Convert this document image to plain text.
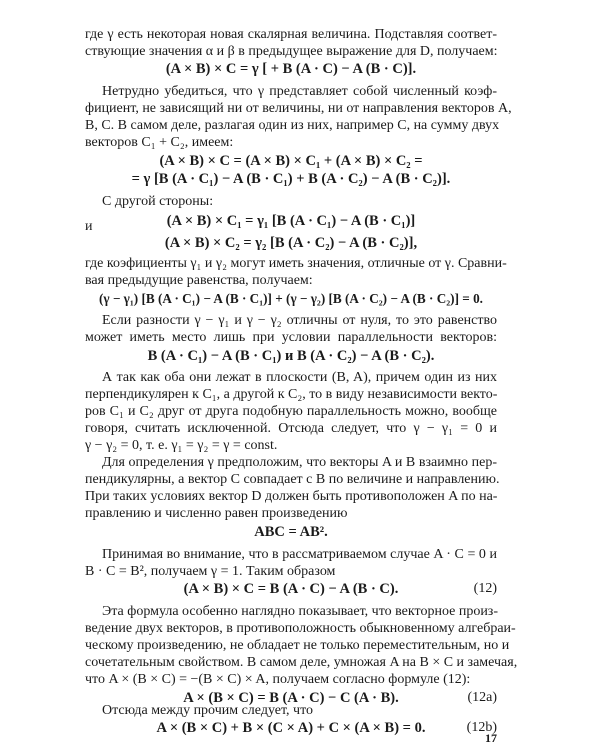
где γ есть некоторая новая скалярная величина. Подставляя соответ-
ствующие значения α и β в предыдущее выражение для D, получаем:
(A × B) × C = γ [ + B (A · C) − A (B · C)].
Нетрудно убедиться, что γ представляет собой численный коэф-
фициент, не зависящий ни от величины, ни от направления векторов A,
B, C. В самом деле, разлагая один из них, например C, на сумму двух
векторов C₁ + C₂, имеем:
(A × B) × C = (A × B) × C₁ + (A × B) × C₂ =
= γ [B (A · C₁) − A (B · C₁) + B (A · C₂) − A (B · C₂)].
С другой стороны:
(A × B) × C₁ = γ₁ [B (A · C₁) − A (B · C₁)]
и
(A × B) × C₂ = γ₂ [B (A · C₂) − A (B · C₂)],
где коэфициенты γ₁ и γ₂ могут иметь значения, отличные от γ. Сравни-
вая предыдущие равенства, получаем:
(γ − γ₁) [B (A · C₁) − A (B · C₁)] + (γ − γ₂) [B (A · C₂) − A (B · C₂)] = 0.
Если разности γ − γ₁ и γ − γ₂ отличны от нуля, то это равенство
может иметь место лишь при условии параллельности векторов:
B (A · C₁) − A (B · C₁) и B (A · C₂) − A (B · C₂).
А так как оба они лежат в плоскости (B, A), причем один из них
перпендикулярен к C₁, а другой к C₂, то в виду независимости векто-
ров C₁ и C₂ друг от друга подобную параллельность можно, вообще
говоря, считать исключенной. Отсюда следует, что γ − γ₁ = 0 и
γ − γ₂ = 0, т. е. γ₁ = γ₂ = γ = const.
Для определения γ предположим, что векторы A и B взаимно пер-
пендикулярны, а вектор C совпадает с B по величине и направлению.
При таких условиях вектор D должен быть противоположен A по на-
правлению и численно равен произведению
ABC = AB².
Принимая во внимание, что в рассматриваемом случае A · C = 0 и
B · C = B², получаем γ = 1. Таким образом
(A × B) × C = B (A · C) − A (B · C).	(12)
Эта формула особенно наглядно показывает, что векторное произ-
ведение двух векторов, в противоположность обыкновенному алгебраи-
ческому произведению, не обладает не только переместительным, но и
сочетательным свойством. В самом деле, умножая A на B × C и замечая,
что A × (B × C) = −(B × C) × A, получаем согласно формуле (12):
A × (B × C) = B (A · C) − C (A · B).	(12a)
17
Отсюда между прочим следует, что
A × (B × C) + B × (C × A) + C × (A × B) = 0.	(12b)
